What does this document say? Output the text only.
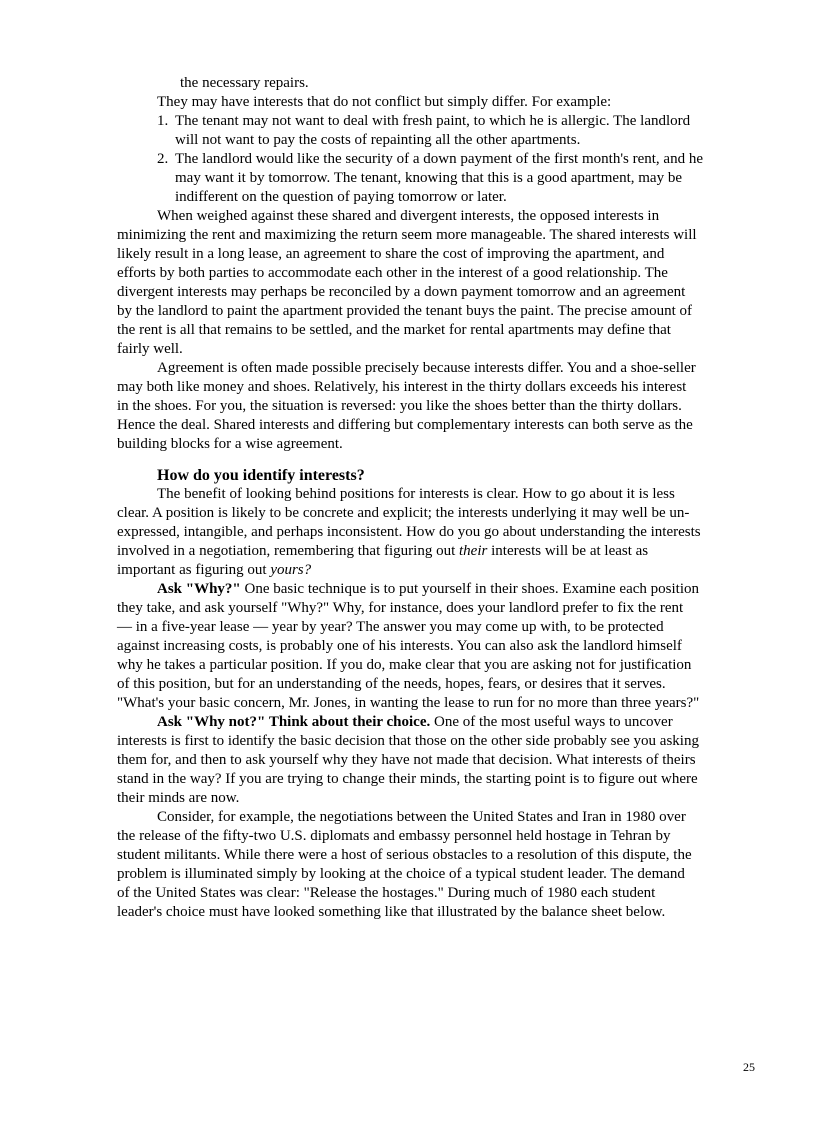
the necessary repairs.
They may have interests that do not conflict but simply differ. For example:
1. The tenant may not want to deal with fresh paint, to which he is allergic. The landlord
will not want to pay the costs of repainting all the other apartments.
2. The landlord would like the security of a down payment of the first month's rent, and he
may want it by tomorrow. The tenant, knowing that this is a good apartment, may be
indifferent on the question of paying tomorrow or later.
When weighed against these shared and divergent interests, the opposed interests in
minimizing the rent and maximizing the return seem more manageable. The shared interests will
likely result in a long lease, an agreement to share the cost of improving the apartment, and
efforts by both parties to accommodate each other in the interest of a good relationship. The
divergent interests may perhaps be reconciled by a down payment tomorrow and an agreement
by the landlord to paint the apartment provided the tenant buys the paint. The precise amount of
the rent is all that remains to be settled, and the market for rental apartments may define that
fairly well.
Agreement is often made possible precisely because interests differ. You and a shoe-seller
may both like money and shoes. Relatively, his interest in the thirty dollars exceeds his interest
in the shoes. For you, the situation is reversed: you like the shoes better than the thirty dollars.
Hence the deal. Shared interests and differing but complementary interests can both serve as the
building blocks for a wise agreement.
How do you identify interests?
The benefit of looking behind positions for interests is clear. How to go about it is less
clear. A position is likely to be concrete and explicit; the interests underlying it may well be un-
expressed, intangible, and perhaps inconsistent. How do you go about understanding the interests
involved in a negotiation, remembering that figuring out their interests will be at least as
important as figuring out yours?
Ask "Why?" One basic technique is to put yourself in their shoes. Examine each position
they take, and ask yourself "Why?" Why, for instance, does your landlord prefer to fix the rent
— in a five-year lease — year by year? The answer you may come up with, to be protected
against increasing costs, is probably one of his interests. You can also ask the landlord himself
why he takes a particular position. If you do, make clear that you are asking not for justification
of this position, but for an understanding of the needs, hopes, fears, or desires that it serves.
"What's your basic concern, Mr. Jones, in wanting the lease to run for no more than three years?"
Ask "Why not?" Think about their choice. One of the most useful ways to uncover
interests is first to identify the basic decision that those on the other side probably see you asking
them for, and then to ask yourself why they have not made that decision. What interests of theirs
stand in the way? If you are trying to change their minds, the starting point is to figure out where
their minds are now.
Consider, for example, the negotiations between the United States and Iran in 1980 over
the release of the fifty-two U.S. diplomats and embassy personnel held hostage in Tehran by
student militants. While there were a host of serious obstacles to a resolution of this dispute, the
problem is illuminated simply by looking at the choice of a typical student leader. The demand
of the United States was clear: "Release the hostages." During much of 1980 each student
leader's choice must have looked something like that illustrated by the balance sheet below.
25
